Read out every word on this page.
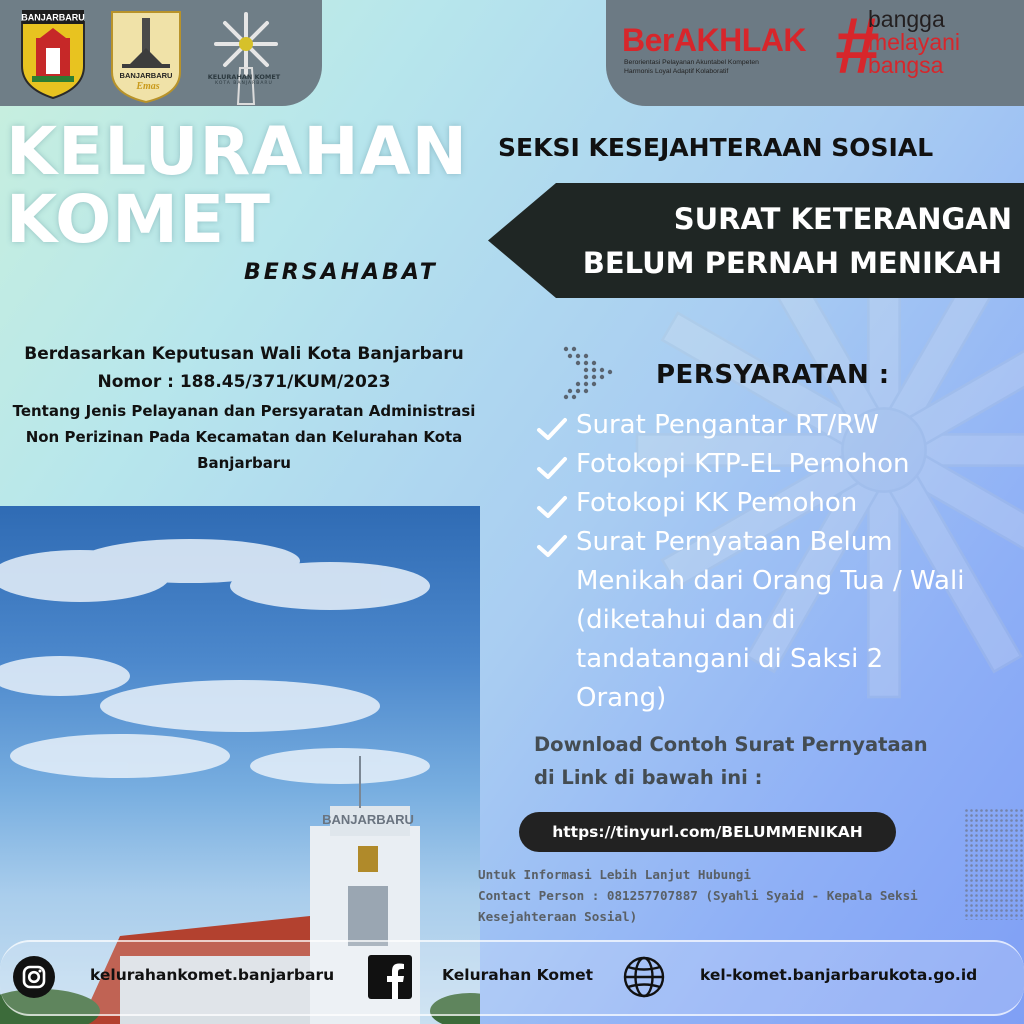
BANJARBARU
BANJARBARU
Emas
KELURAHAN KOMET
KOTA BANJARBARU
BerAKHLAK
Berorientasi Pelayanan Akuntabel Kompeten
Harmonis Loyal Adaptif Kolaboratif	#
bangga
melayani
bangsa
KELURAHAN
KOMET
BERSAHABAT
SEKSI KESEJAHTERAAN SOSIAL
SURAT KETERANGAN
BELUM PERNAH MENIKAH
Berdasarkan Keputusan Wali Kota Banjarbaru
Nomor : 188.45/371/KUM/2023
Tentang Jenis Pelayanan dan Persyaratan Administrasi Non Perizinan Pada Kecamatan dan Kelurahan Kota Banjarbaru
BANJARBARU
PERSYARATAN :
Surat Pengantar RT/RW
Fotokopi KTP-EL Pemohon
Fotokopi KK Pemohon
Surat Pernyataan Belum Menikah dari Orang Tua / Wali (diketahui dan di tandatangani di Saksi 2 Orang)
Download Contoh Surat Pernyataan
di Link di bawah ini :
https://tinyurl.com/BELUMMENIKAH
Untuk Informasi Lebih Lanjut Hubungi
Contact Person : 081257707887 (Syahli Syaid - Kepala Seksi
Kesejahteraan Sosial)
kelurahankomet.banjarbaru	Kelurahan Komet	kel-komet.banjarbarukota.go.id
